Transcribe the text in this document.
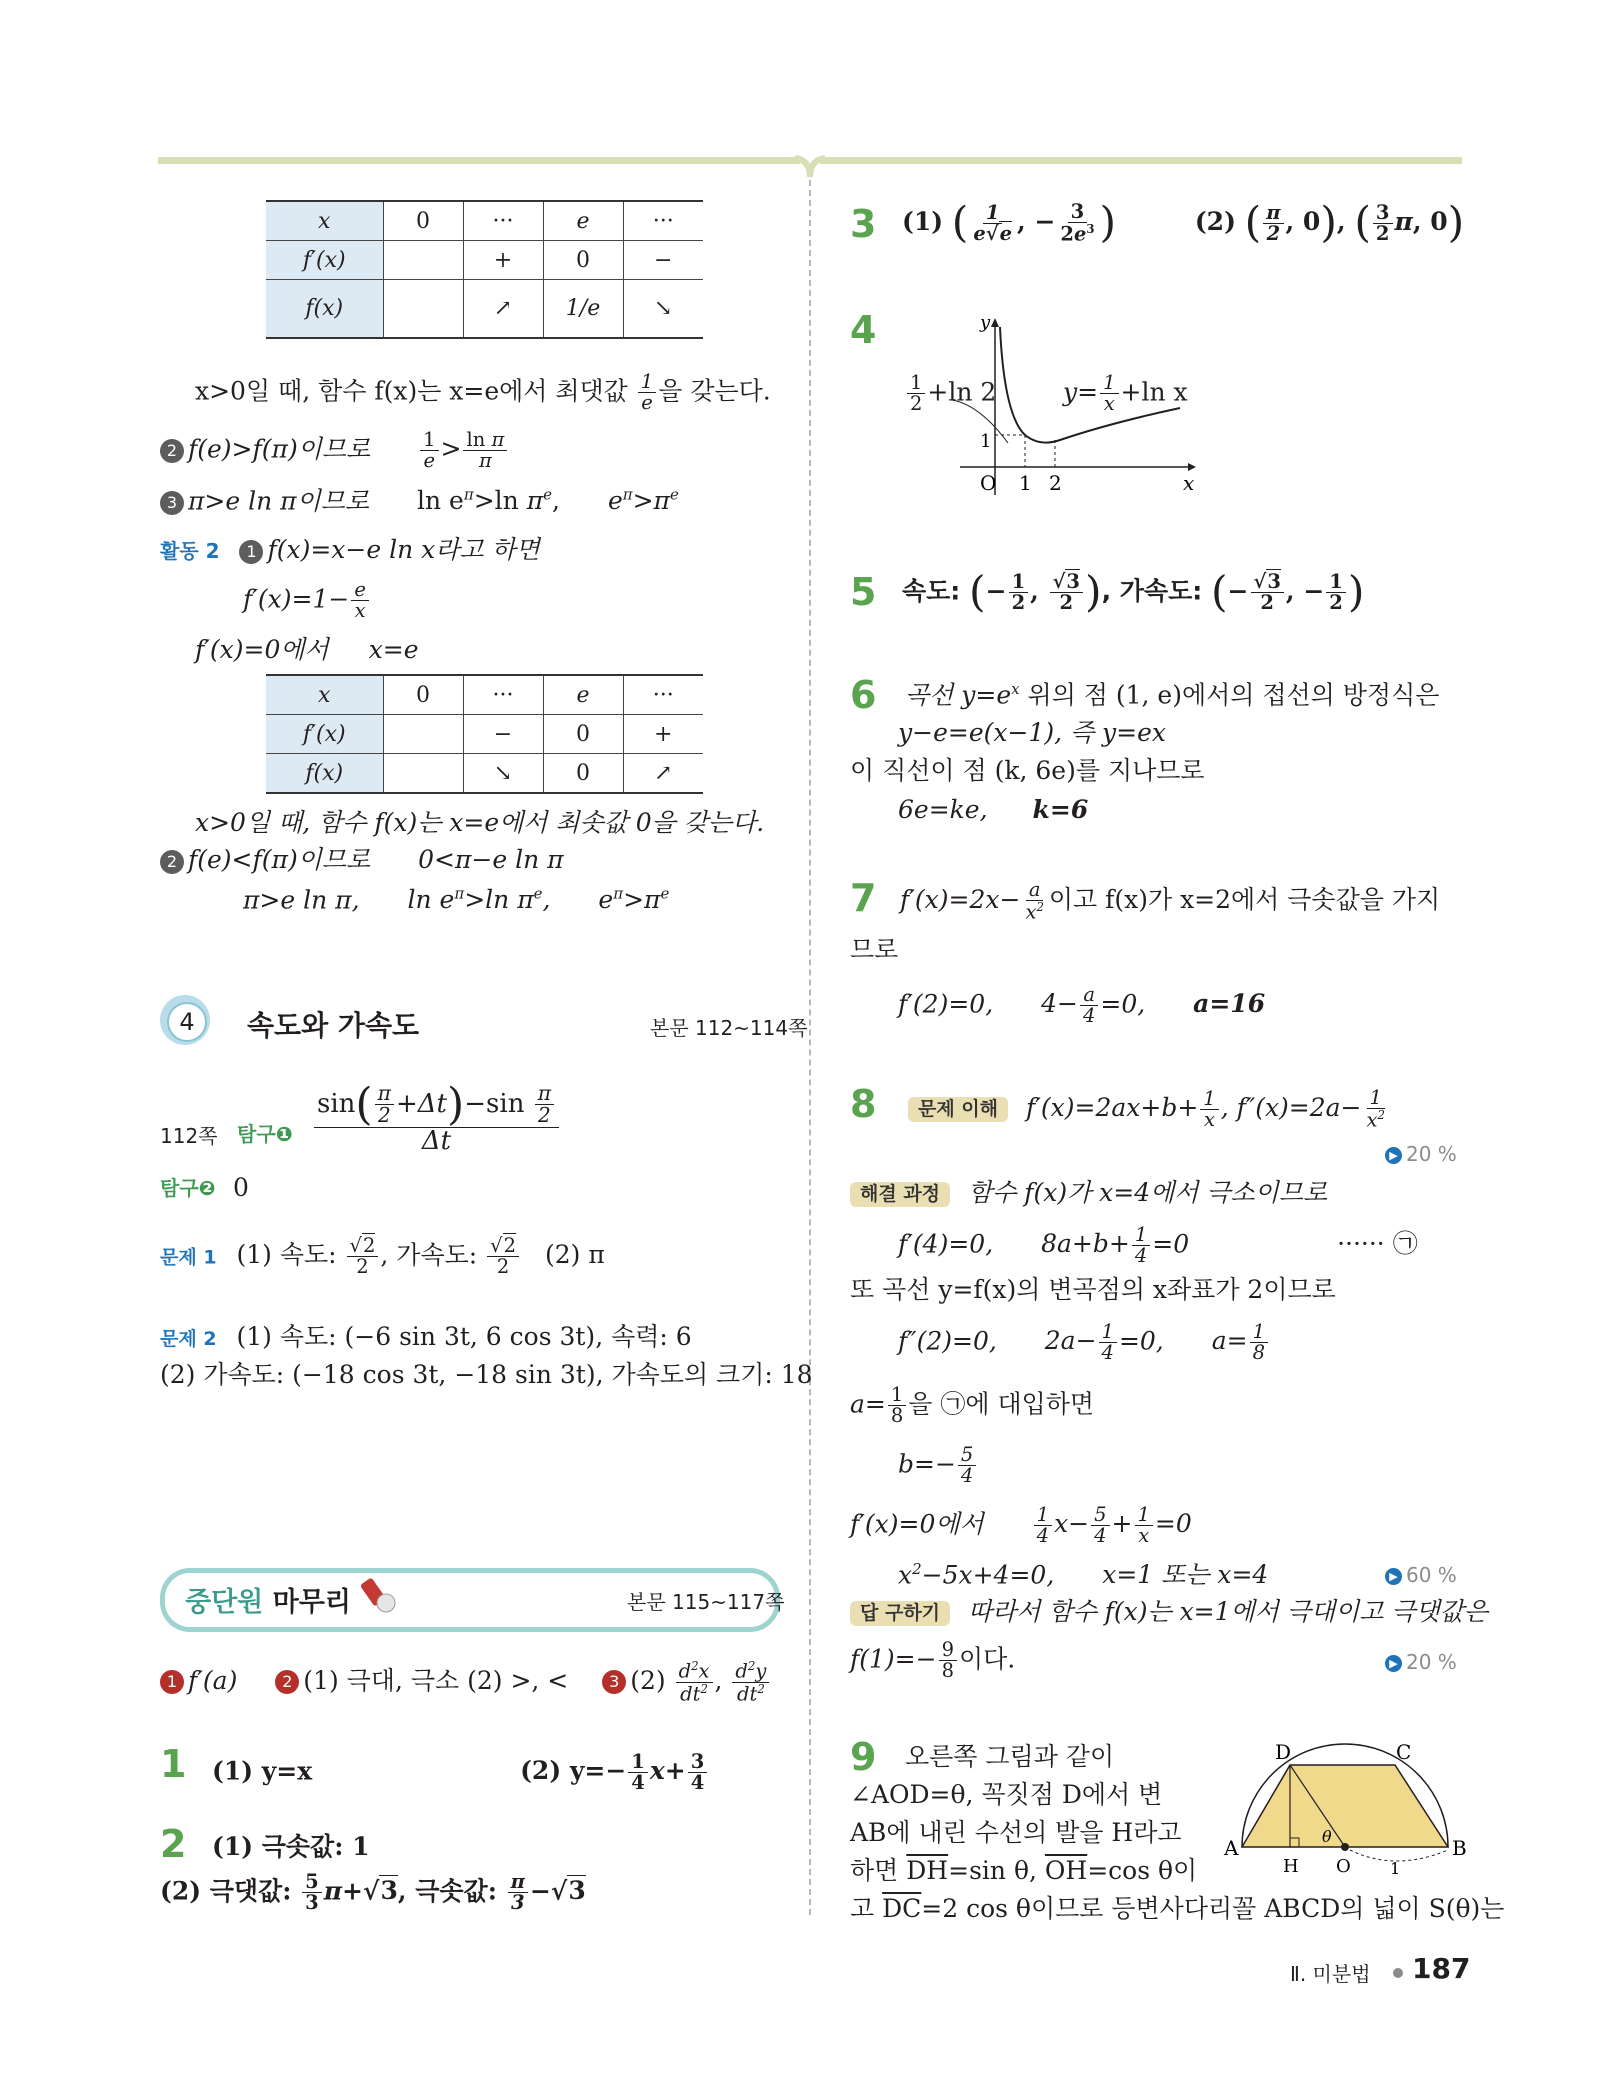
x	0	···	e	···
f′(x)		+	0	−
f(x)		↗	1/e	↘
x>0일 때, 함수 f(x)는 x=e에서 최댓값 $\frac{1}{e}$ 을 갖는다.
2 f(e)>f(π)이므로	$\frac{1}{e} > \frac{\text{ln π}}{\pi}$
3 π>e ln π이므로 $\ln e^\pi>\ln$ $\pi^e$, $e^\pi>\pi^e$
활동 2 1 f(x)=x−e ln x라고 하면
$f'(x)=1- \frac{e}{x}$
f′(x)=0에서 x=e
x	0	···	e	···
f′(x)		−	0	+
f(x)		↘	0	↗
x>0일 때, 함수 f(x)는 x=e에서 최솟값 0을 갖는다.
2 f(e)<f(π)이므로 0<π−e ln π
π>e ln π, $\ln e^\pi>\ln$ $\pi^e$, $e^\pi>\pi^e$
4	속도와 가속도	본문 112~114쪽
112쪽 탐구❶ $\frac{\sin( \frac{\pi}{2} +\Delta t)-\sin \frac{\pi}{2}}{\Delta t}$
탐구❷ 0
문제 1 (1) 속도: $\frac{√2}{2}$ , 가속도: $\frac{√2}{2} (2)$ π
문제 2 (1) 속도: (−6 sin 3t, 6 cos 3t), 속력: 6
(2) 가속도: (−18 cos 3t, −18 sin 3t), 가속도의 크기: 18
중단원 마무리	본문 115~117쪽
1 f′(a)	2 (1) 극대, 극소 (2) >, <	3 $(2) \frac{d^2x}{dt^2}$ , $\frac{d^2y}{dt^2}$
1 (1) y=x	(2) $y=- \frac{1}{4} x+ \frac{3}{4}$
2 (1) 극솟값: 1
(2) 극댓값: $\frac{5}{3} \pi+√3$, 극솟값: $\frac{\pi}{3} -√3$
3 (1) ( $\frac{1}{e√e}$ , − $\frac{3}{2e^3}$ )	(2) ( $\frac{\pi}{2}$ , 0), ( $\frac{3}{2} \pi$, 0)
4	y
x
O 1 2
1
$y= \frac{1}{x} +\ln$ x
$\frac{1}{2} +\ln$ 2
5 속도: (− $\frac{1}{2}$ , $\frac{√3}{2}$ ), 가속도: (− $\frac{√3}{2}$ , − $\frac{1}{2}$ )
6 곡선 $y=e^x$ 위의 점 (1, e)에서의 접선의 방정식은
y−e=e(x−1), 즉 y=ex
이 직선이 점 (k, 6e)를 지나므로
6e=ke, k=6
7 $f'(x)=2x- \frac{a}{x^2}$ 이고 f(x)가 x=2에서 극솟값을 가지
므로
f′(2)=0, $4- \frac{a}{4} =0$, a=16
8	문제 이해 $f'(x)=2ax+b+ \frac{1}{x}$ , $f''(x)=2a- \frac{1}{x^2}$
▶ 20 %
해결 과정 함수 f(x)가 x=4에서 극소이므로
f′(4)=0, $8a+b+ \frac{1}{4} =0$	······ ㉠
또 곡선 y=f(x)의 변곡점의 x좌표가 2이므로
f″(2)=0, $2a- \frac{1}{4} =0$, $a= \frac{1}{8}$
$a= \frac{1}{8}$ 을 ㉠에 대입하면
$b=- \frac{5}{4}$
f′(x)=0에서	$\frac{1}{4} x- \frac{5}{4} + \frac{1}{x} =0$
$x^2-5x+4=0$, x=1 또는 x=4	▶ 60 %
답 구하기 따라서 함수 f(x)는 x=1에서 극대이고 극댓값은
$f(1)=- \frac{9}{8}$ 이다.	▶ 20 %
9 오른쪽 그림과 같이
∠AOD=θ, 꼭짓점 D에서 변
AB에 내린 수선의 발을 H라고
하면 $\overline{DH}=\sin$ θ, $\overline{OH}=\cos$ θ이
고 $\overline{DC}=2$ cos θ이므로 등변사다리꼴 ABCD의 넓이 S(θ)는
A	B
C
D
H O 1
θ
Ⅱ. 미분법 187
